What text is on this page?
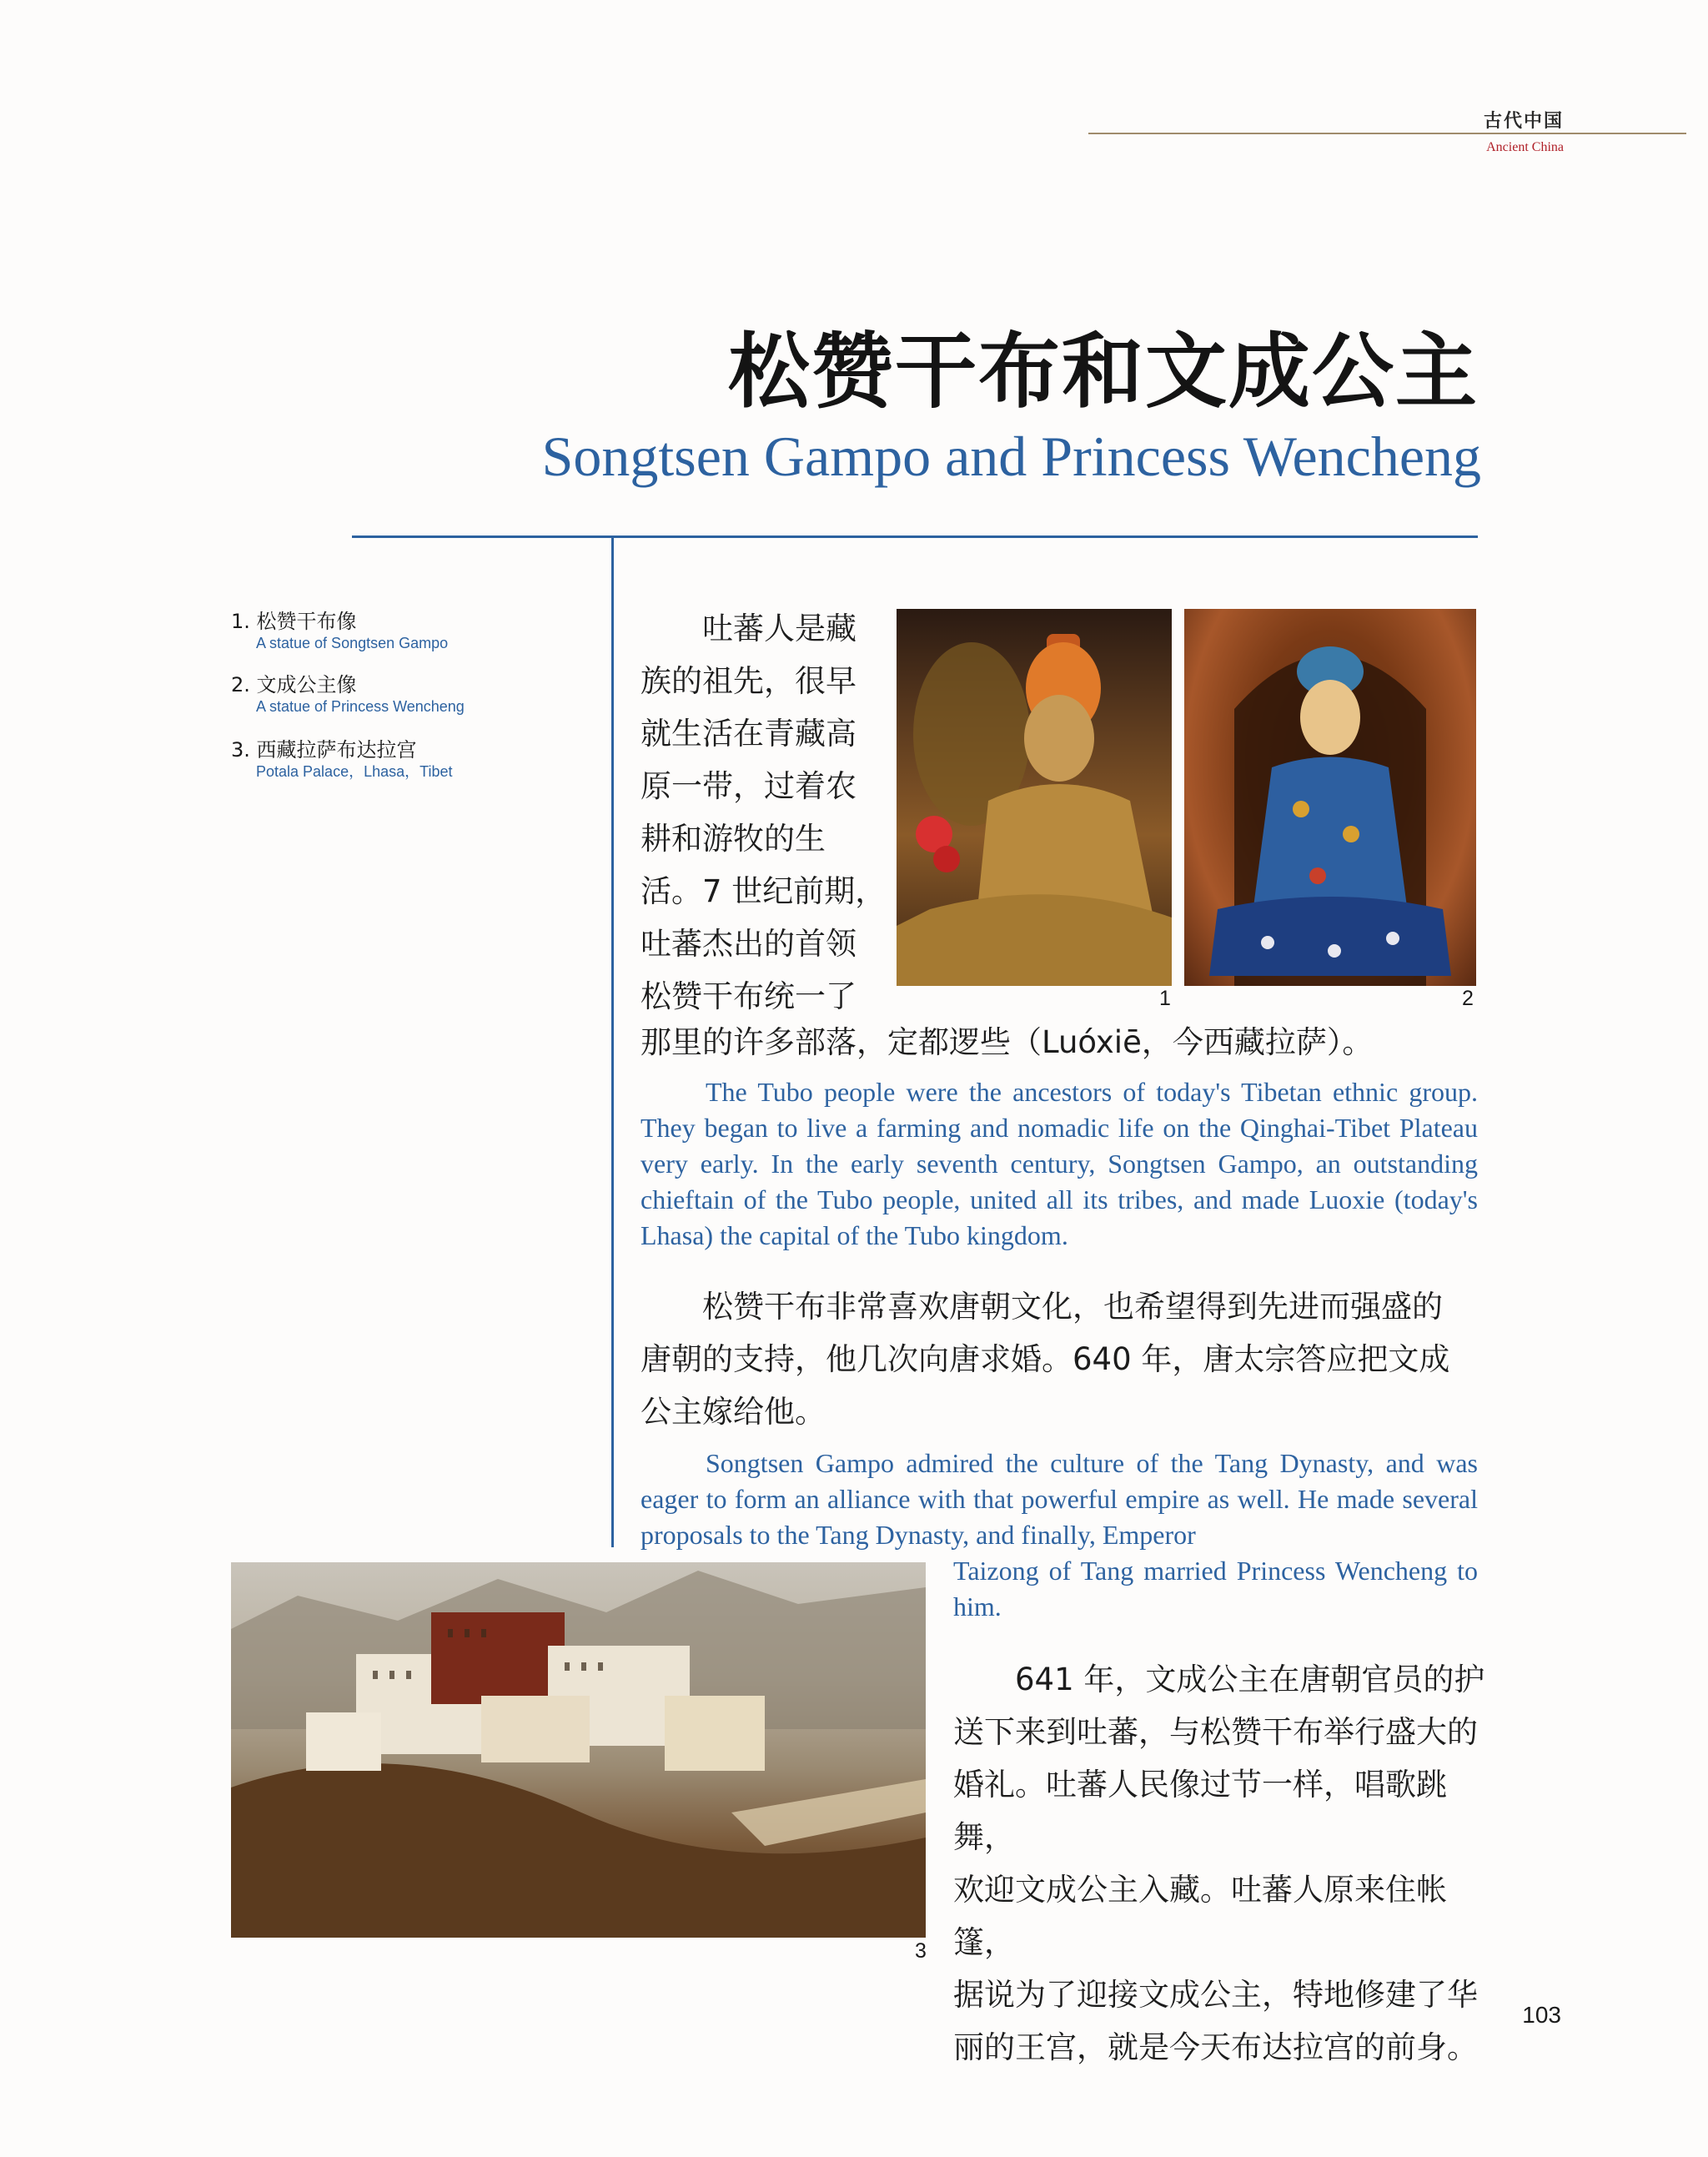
古代中国
Ancient China
松赞干布和文成公主
Songtsen Gampo and Princess Wencheng
1. 松赞干布像
A statue of Songtsen Gampo
2. 文成公主像
A statue of Princess Wencheng
3. 西藏拉萨布达拉宫
Potala Palace，Lhasa，Tibet
1	2

吐蕃人是藏
族的祖先，很早
就生活在青藏高
原一带，过着农
耕和游牧的生
活。7 世纪前期，
吐蕃杰出的首领
松赞干布统一了

那里的许多部落，定都逻些（Luóxiē，今西藏拉萨）。

The Tubo people were the ancestors of today's Tibetan ethnic group. They began to live a farming and nomadic life on the Qinghai-Tibet Plateau very early. In the early seventh century, Songtsen Gampo, an outstanding chieftain of the Tubo people, united all its tribes, and made Luoxie (today's Lhasa) the capital of the Tubo kingdom.

松赞干布非常喜欢唐朝文化，也希望得到先进而强盛的
唐朝的支持，他几次向唐求婚。640 年，唐太宗答应把文成
公主嫁给他。

Songtsen Gampo admired the culture of the Tang Dynasty, and was eager to form an alliance with that powerful empire as well. He made several proposals to the Tang Dynasty, and finally, Emperor

Taizong of Tang married Princess Wencheng to him.

3

641 年，文成公主在唐朝官员的护
送下来到吐蕃，与松赞干布举行盛大的
婚礼。吐蕃人民像过节一样，唱歌跳舞，
欢迎文成公主入藏。吐蕃人原来住帐篷，
据说为了迎接文成公主，特地修建了华
丽的王宫，就是今天布达拉宫的前身。

103
